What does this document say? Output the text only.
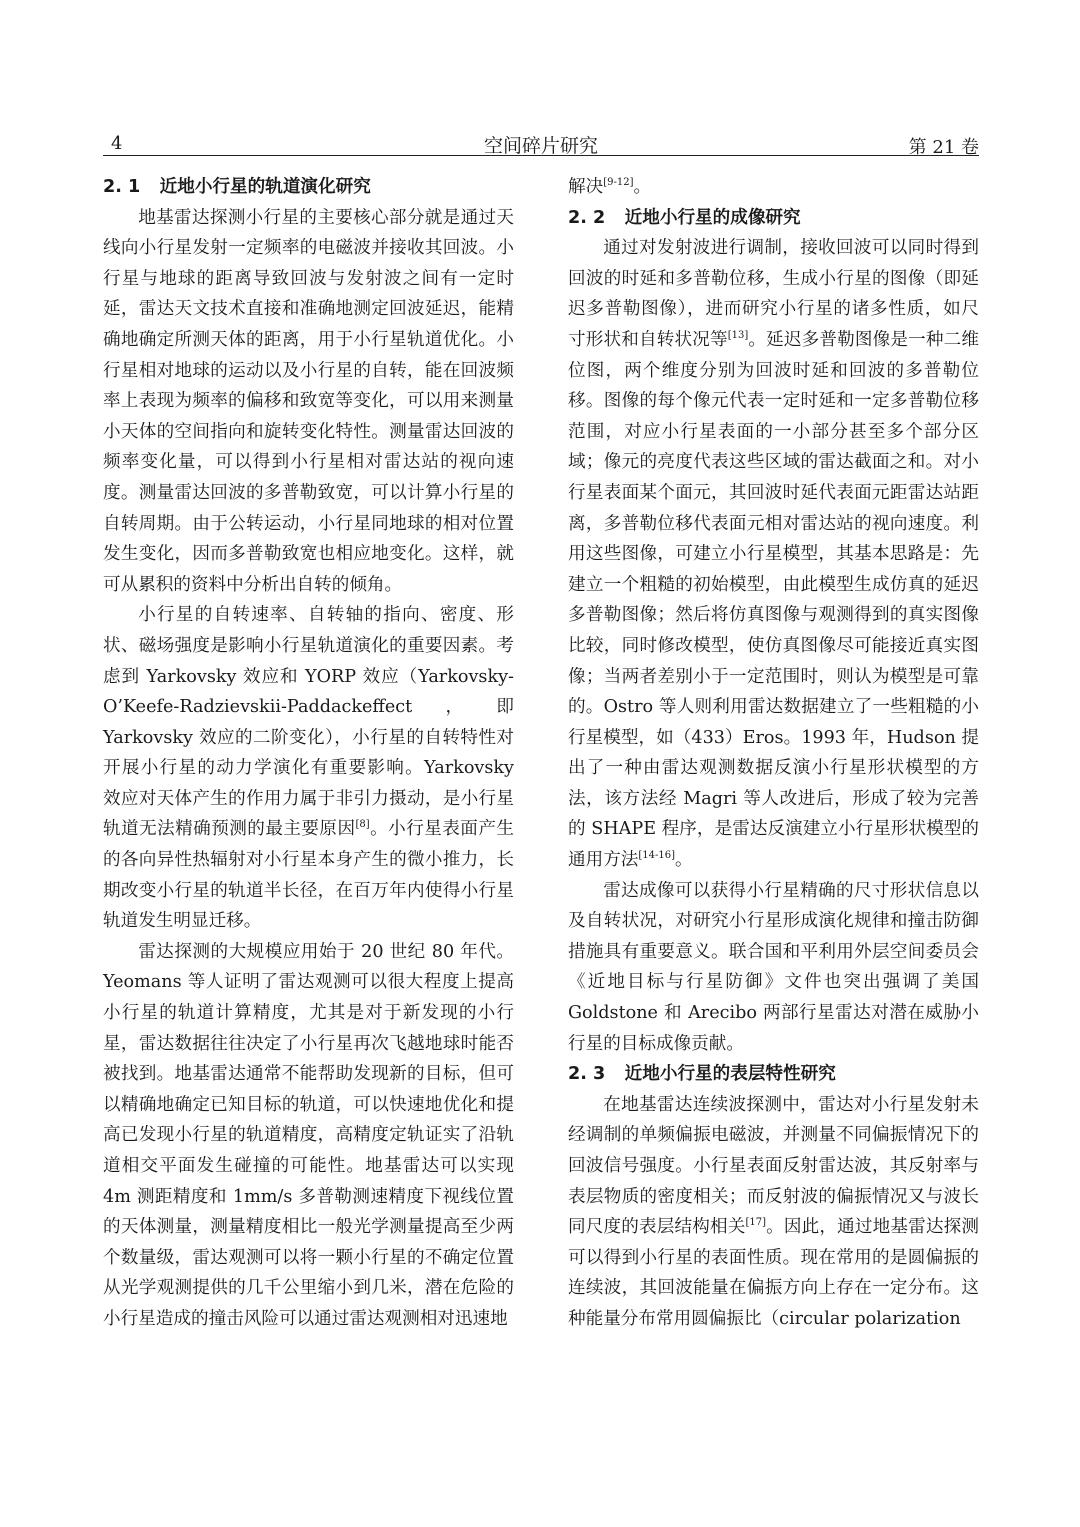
4	空间碎片研究	第 21 卷
2. 1 近地小行星的轨道演化研究

地基雷达探测小行星的主要核心部分就是通过天线向小行星发射一定频率的电磁波并接收其回波。小行星与地球的距离导致回波与发射波之间有一定时延，雷达天文技术直接和准确地测定回波延迟，能精确地确定所测天体的距离，用于小行星轨道优化。小行星相对地球的运动以及小行星的自转，能在回波频率上表现为频率的偏移和致宽等变化，可以用来测量小天体的空间指向和旋转变化特性。测量雷达回波的频率变化量，可以得到小行星相对雷达站的视向速度。测量雷达回波的多普勒致宽，可以计算小行星的自转周期。由于公转运动，小行星同地球的相对位置发生变化，因而多普勒致宽也相应地变化。这样，就可从累积的资料中分析出自转的倾角。

小行星的自转速率、自转轴的指向、密度、形状、磁场强度是影响小行星轨道演化的重要因素。考虑到 Yarkovsky 效应和 YORP 效应（Yarkovsky-O’Keefe-Radzievskii-Paddackeffect，即 Yarkovsky 效应的二阶变化），小行星的自转特性对开展小行星的动力学演化有重要影响。Yarkovsky 效应对天体产生的作用力属于非引力摄动，是小行星轨道无法精确预测的最主要原因[8]。小行星表面产生的各向异性热辐射对小行星本身产生的微小推力，长期改变小行星的轨道半长径，在百万年内使得小行星轨道发生明显迁移。

雷达探测的大规模应用始于 20 世纪 80 年代。Yeomans 等人证明了雷达观测可以很大程度上提高小行星的轨道计算精度，尤其是对于新发现的小行星，雷达数据往往决定了小行星再次飞越地球时能否被找到。地基雷达通常不能帮助发现新的目标，但可以精确地确定已知目标的轨道，可以快速地优化和提高已发现小行星的轨道精度，高精度定轨证实了沿轨道相交平面发生碰撞的可能性。地基雷达可以实现 4m 测距精度和 1mm/s 多普勒测速精度下视线位置的天体测量，测量精度相比一般光学测量提高至少两个数量级，雷达观测可以将一颗小行星的不确定位置从光学观测提供的几千公里缩小到几米，潜在危险的小行星造成的撞击风险可以通过雷达观测相对迅速地

解决[9-12]。

2. 2 近地小行星的成像研究

通过对发射波进行调制，接收回波可以同时得到回波的时延和多普勒位移，生成小行星的图像（即延迟多普勒图像），进而研究小行星的诸多性质，如尺寸形状和自转状况等[13]。延迟多普勒图像是一种二维位图，两个维度分别为回波时延和回波的多普勒位移。图像的每个像元代表一定时延和一定多普勒位移范围，对应小行星表面的一小部分甚至多个部分区域；像元的亮度代表这些区域的雷达截面之和。对小行星表面某个面元，其回波时延代表面元距雷达站距离，多普勒位移代表面元相对雷达站的视向速度。利用这些图像，可建立小行星模型，其基本思路是：先建立一个粗糙的初始模型，由此模型生成仿真的延迟多普勒图像；然后将仿真图像与观测得到的真实图像比较，同时修改模型，使仿真图像尽可能接近真实图像；当两者差别小于一定范围时，则认为模型是可靠的。Ostro 等人则利用雷达数据建立了一些粗糙的小行星模型，如（433）Eros。1993 年，Hudson 提出了一种由雷达观测数据反演小行星形状模型的方法，该方法经 Magri 等人改进后，形成了较为完善的 SHAPE 程序，是雷达反演建立小行星形状模型的通用方法[14-16]。

雷达成像可以获得小行星精确的尺寸形状信息以及自转状况，对研究小行星形成演化规律和撞击防御措施具有重要意义。联合国和平利用外层空间委员会《近地目标与行星防御》文件也突出强调了美国 Goldstone 和 Arecibo 两部行星雷达对潜在威胁小行星的目标成像贡献。

2. 3 近地小行星的表层特性研究

在地基雷达连续波探测中，雷达对小行星发射未经调制的单频偏振电磁波，并测量不同偏振情况下的回波信号强度。小行星表面反射雷达波，其反射率与表层物质的密度相关；而反射波的偏振情况又与波长同尺度的表层结构相关[17]。因此，通过地基雷达探测可以得到小行星的表面性质。现在常用的是圆偏振的连续波，其回波能量在偏振方向上存在一定分布。这种能量分布常用圆偏振比（circular polarization
